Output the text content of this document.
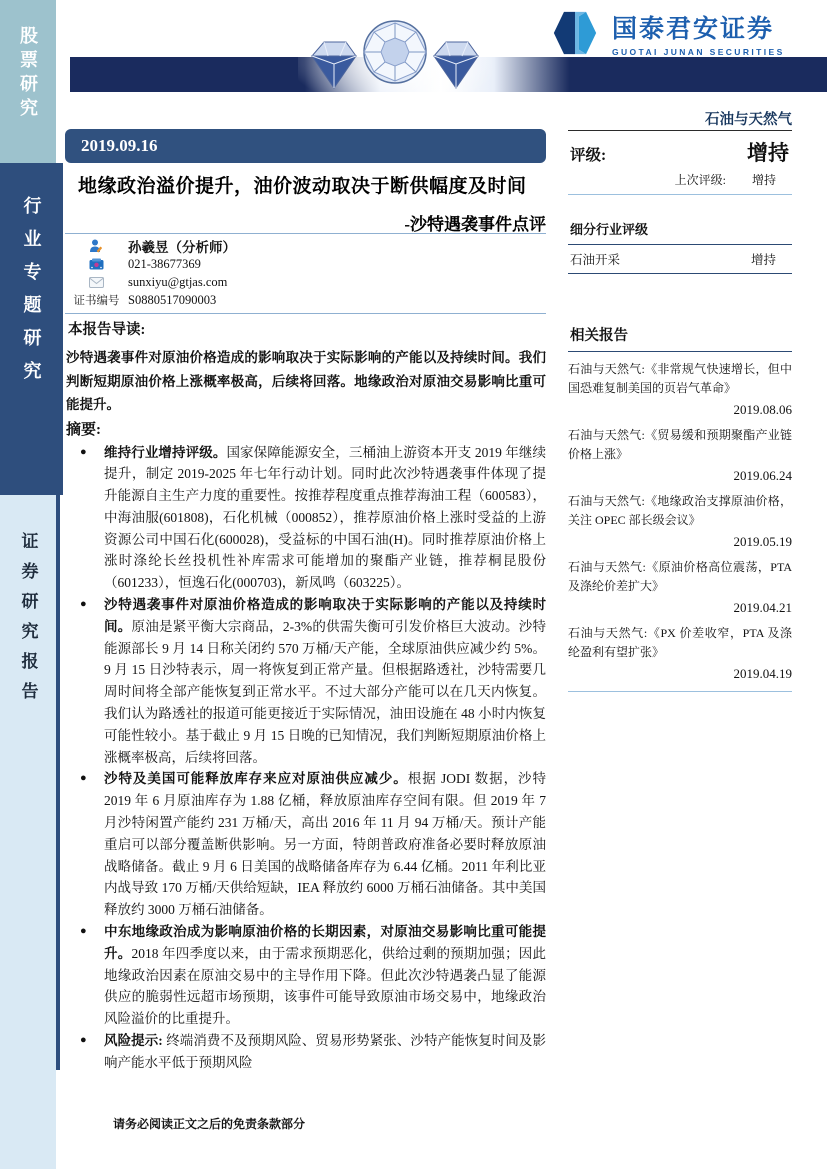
股票研究
行业专题研究
证券研究报告
国泰君安证券
GUOTAI JUNAN SECURITIES
石油与天然气
2019.09.16
地缘政治溢价提升，油价波动取决于断供幅度及时间
-沙特遇袭事件点评
孙羲昱（分析师）
021-38677369
sunxiyu@gtjas.com
证书编号 S0880517090003
本报告导读:

沙特遇袭事件对原油价格造成的影响取决于实际影响的产能以及持续时间。我们判断短期原油价格上涨概率极高，后续将回落。地缘政治对原油交易影响比重可能提升。

摘要:
●	维持行业增持评级。国家保障能源安全，三桶油上游资本开支 2019 年继续提升，制定 2019-2025 年七年行动计划。同时此次沙特遇袭事件体现了提升能源自主生产力度的重要性。按推荐程度重点推荐海油工程（600583），中海油服(601808)，石化机械（000852），推荐原油价格上涨时受益的上游资源公司中国石化(600028)，受益标的中国石油(H)。同时推荐原油价格上涨时涤纶长丝投机性补库需求可能增加的聚酯产业链，推荐桐昆股份（601233），恒逸石化(000703)，新凤鸣（603225）。

●	沙特遇袭事件对原油价格造成的影响取决于实际影响的产能以及持续时间。原油是紧平衡大宗商品，2-3%的供需失衡可引发价格巨大波动。沙特能源部长 9 月 14 日称关闭约 570 万桶/天产能，全球原油供应减少约 5%。9 月 15 日沙特表示，周一将恢复到正常产量。但根据路透社，沙特需要几周时间将全部产能恢复到正常水平。不过大部分产能可以在几天内恢复。我们认为路透社的报道可能更接近于实际情况，油田设施在 48 小时内恢复可能性较小。基于截止 9 月 15 日晚的已知情况，我们判断短期原油价格上涨概率极高，后续将回落。

●	沙特及美国可能释放库存来应对原油供应减少。根据 JODI 数据，沙特 2019 年 6 月原油库存为 1.88 亿桶，释放原油库存空间有限。但 2019 年 7 月沙特闲置产能约 231 万桶/天，高出 2016 年 11 月 94 万桶/天。预计产能重启可以部分覆盖断供影响。另一方面，特朗普政府准备必要时释放原油战略储备。截止 9 月 6 日美国的战略储备库存为 6.44 亿桶。2011 年利比亚内战导致 170 万桶/天供给短缺，IEA 释放约 6000 万桶石油储备。其中美国释放约 3000 万桶石油储备。

●	中东地缘政治成为影响原油价格的长期因素，对原油交易影响比重可能提升。2018 年四季度以来，由于需求预期恶化，供给过剩的预期加强；因此地缘政治因素在原油交易中的主导作用下降。但此次沙特遇袭凸显了能源供应的脆弱性远超市场预期，该事件可能导致原油市场交易中，地缘政治风险溢价的比重提升。

●	风险提示: 终端消费不及预期风险、贸易形势紧张、沙特产能恢复时间及影响产能水平低于预期风险

评级:	增持
上次评级: 增持
细分行业评级
石油开采	增持
相关报告
石油与天然气:《非常规气快速增长，但中国恐难复制美国的页岩气革命》
2019.08.06
石油与天然气:《贸易缓和预期聚酯产业链价格上涨》
2019.06.24
石油与天然气:《地缘政治支撑原油价格，关注 OPEC 部长级会议》
2019.05.19
石油与天然气:《原油价格高位震荡，PTA 及涤纶价差扩大》
2019.04.21
石油与天然气:《PX 价差收窄，PTA 及涤纶盈利有望扩张》
2019.04.19
请务必阅读正文之后的免责条款部分
